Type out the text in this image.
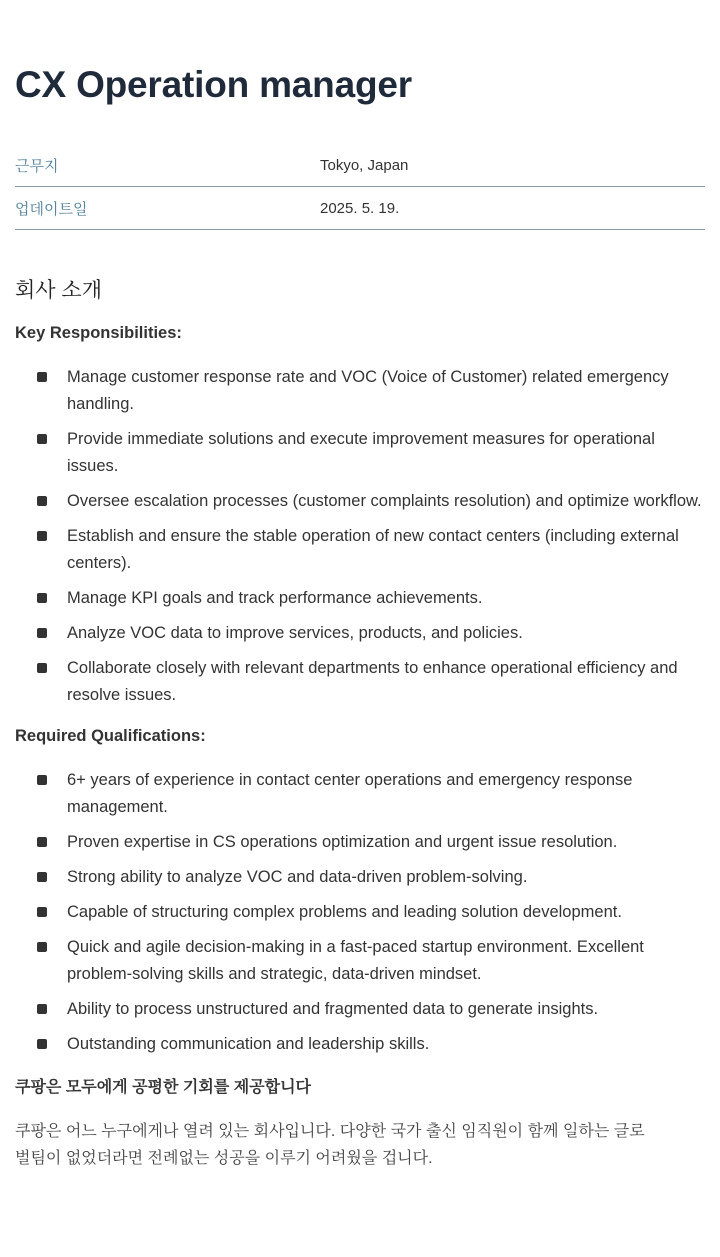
CX Operation manager
근무지	Tokyo, Japan
업데이트일	2025. 5. 19.
회사 소개
Key Responsibilities:
Manage customer response rate and VOC (Voice of Customer) related emergency handling.
Provide immediate solutions and execute improvement measures for operational issues.
Oversee escalation processes (customer complaints resolution) and optimize workflow.
Establish and ensure the stable operation of new contact centers (including external centers).
Manage KPI goals and track performance achievements.
Analyze VOC data to improve services, products, and policies.
Collaborate closely with relevant departments to enhance operational efficiency and resolve issues.
Required Qualifications:
6+ years of experience in contact center operations and emergency response management.
Proven expertise in CS operations optimization and urgent issue resolution.
Strong ability to analyze VOC and data-driven problem-solving.
Capable of structuring complex problems and leading solution development.
Quick and agile decision-making in a fast-paced startup environment. Excellent problem-solving skills and strategic, data-driven mindset.
Ability to process unstructured and fragmented data to generate insights.
Outstanding communication and leadership skills.
쿠팡은 모두에게 공평한 기회를 제공합니다
쿠팡은 어느 누구에게나 열려 있는 회사입니다. 다양한 국가 출신 임직원이 함께 일하는 글로벌팀이 없었더라면 전례없는 성공을 이루기 어려웠을 겁니다.
